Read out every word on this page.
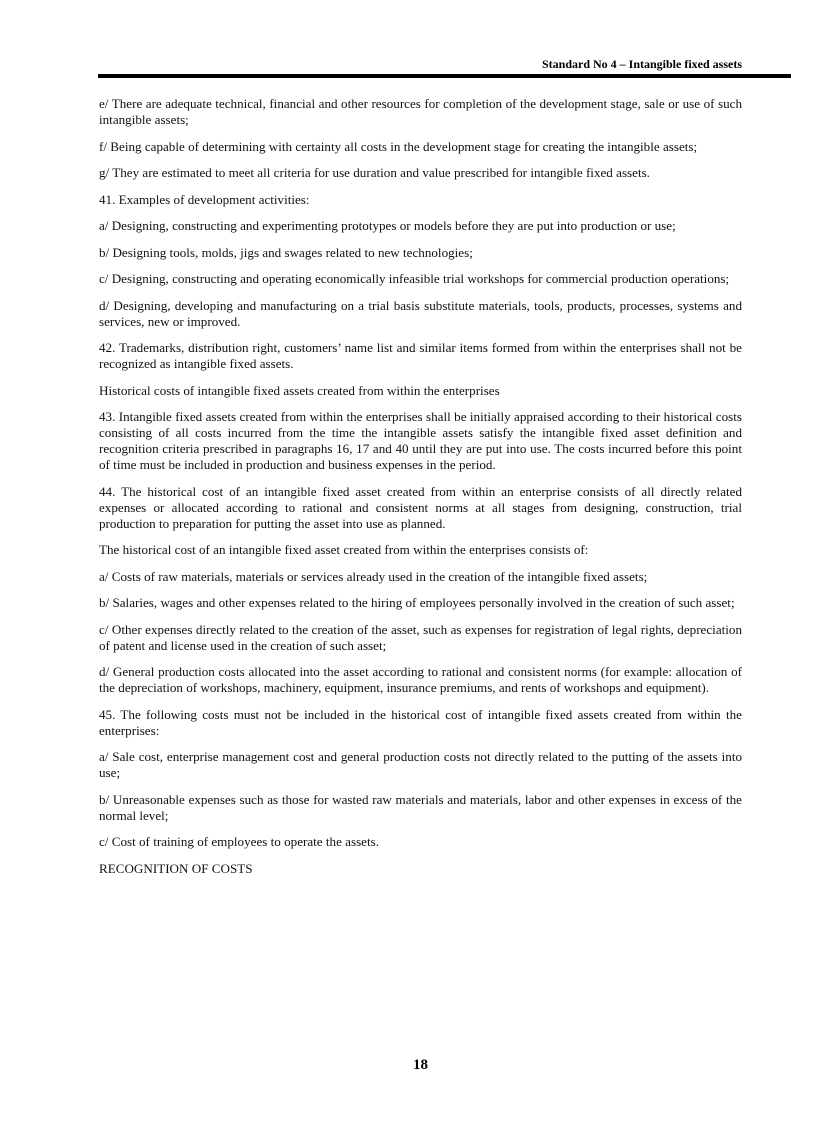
Standard No 4 – Intangible fixed assets

e/ There are adequate technical, financial and other resources for completion of the development stage, sale or use of such intangible assets;

f/ Being capable of determining with certainty all costs in the development stage for creating the intangible assets;

g/ They are estimated to meet all criteria for use duration and value prescribed for intangible fixed assets.

41. Examples of development activities:

a/ Designing, constructing and experimenting prototypes or models before they are put into production or use;

b/ Designing tools, molds, jigs and swages related to new technologies;

c/ Designing, constructing and operating economically infeasible trial workshops for commercial production operations;

d/ Designing, developing and manufacturing on a trial basis substitute materials, tools, products, processes, systems and services, new or improved.

42. Trademarks, distribution right, customers’ name list and similar items formed from within the enterprises shall not be recognized as intangible fixed assets.

Historical costs of intangible fixed assets created from within the enterprises

43. Intangible fixed assets created from within the enterprises shall be initially appraised according to their historical costs consisting of all costs incurred from the time the intangible assets satisfy the intangible fixed asset definition and recognition criteria prescribed in paragraphs 16, 17 and 40 until they are put into use. The costs incurred before this point of time must be included in production and business expenses in the period.

44. The historical cost of an intangible fixed asset created from within an enterprise consists of all directly related expenses or allocated according to rational and consistent norms at all stages from designing, construction, trial production to preparation for putting the asset into use as planned.

The historical cost of an intangible fixed asset created from within the enterprises consists of:

a/ Costs of raw materials, materials or services already used in the creation of the intangible fixed assets;

b/ Salaries, wages and other expenses related to the hiring of employees personally involved in the creation of such asset;

c/ Other expenses directly related to the creation of the asset, such as expenses for registration of legal rights, depreciation of patent and license used in the creation of such asset;

d/ General production costs allocated into the asset according to rational and consistent norms (for example: allocation of the depreciation of workshops, machinery, equipment, insurance premiums, and rents of workshops and equipment).

45. The following costs must not be included in the historical cost of intangible fixed assets created from within the enterprises:

a/ Sale cost, enterprise management cost and general production costs not directly related to the putting of the assets into use;

b/ Unreasonable expenses such as those for wasted raw materials and materials, labor and other expenses in excess of the normal level;

c/ Cost of training of employees to operate the assets.

RECOGNITION OF COSTS

18
